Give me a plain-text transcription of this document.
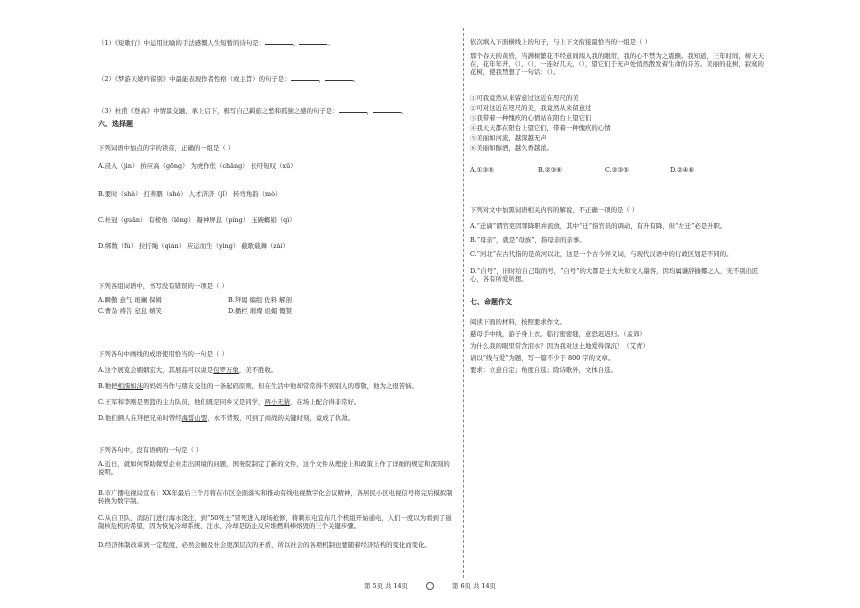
（1）《短歌行》中运用比喻的手法感慨人生短暂的诗句是：	，	。
（2）《梦游天姥吟留别》中最能表现作者性格（或主旨）的句子是：	，	。
（3）杜甫《登高》中情景交融、承上启下，极写自己羁旅之愁和孤独之感的句子是：	，	。
六、选择题
下列词语中加点的字的读音，正确的一组是（ ）
A.浸入（jìn） 拚应高（gōng） 为虎作伥（chāng） 长吁短叹（xū）
B.要时（shà） 打荞胭（shé） 人才济济（jǐ） 转弯角韵（mò）
C.杜冠（guān） 有棱角（lēng） 凝神屏息（píng） 玉碗螂娟（qì）
D.绑数（fù） 拉拧绳（qián） 应运而生（yìng） 截歌载舞（zài）
下列各组词语中，书写没有错误的一项是（ ）
A.瞬傲 意气 斑斓 保姆	B.拜谒 编组 佐料 解剖
C.曹杂 祷告 窒息 嬉笑	D.播栏 璀璨 谄媚 慨赞
下列各句中画线的成语使用恰当的一句是（ ）
A.这个展览会姻姻宏大，其展品可以说是包罗万象，美不胜收。
B.牠把相濡如沫的妈妈当作与朋友交往的一条起码原则，但在生活中他却常常得不到别人的尊敬，他为之很苦恼。
C.王军和李刚是男篮的主力队员，他们既是同乡又是同学，两小无猜，在场上配合得非常好。
D.他们俩人在拜把兄弟时曾经海誓山盟，永不背叛，可到了商战的关键时刻，竟成了仇敌。
下列各句中，没有语病的一句是（ ）
A.近日，就如何帮助微型企业走出困境的问题，国务院制定了新的文件，这个文件从理论上和政策上作了详细的规定和深刻的说明。
B.市广播电视局宣布：XX年最后三个月将在市区全面落实和推动有线电视数字化会议精神，各居民小区电视信号将完后模拟制转换为数字制。
C.从自卫队、消防门进行海水浇注，到“50死士”冒死进入现场抢修，将刺东电宜布几个机组开始通电，人们一度以为看到了遏制核危机的希望，因为恢复冷却系统、注水、冷却是防止反应堆燃料棒熔毁的三个关键步骤。
D.经济体制改革到一定程度，必然会触及社会更深层次的矛盾，所以社会的各项机制也要随着经济结构的变化而变化。
依次填入下面横线上的句子，与上下文衔接最恰当的一组是（ ）
那个春天的黄昏，当满树繁花不经意间闯入我的眼帘，我的心不禁为之震颤。我知道，三年时间，树天天在，花年年开，（），（），一连好几天，（），望它们于无声处悄然散发着生命的芬芳。美丽的花树，寂寞的花树，使我禁想了一句话：（）。
①可我竟然从来留意过这近在咫尺的美
②可对这近在咫尺的美，我竟然从来留意过
③我带着一种愧疚的心情站在阳台上望它们
④我天天都在阳台上望它们，带着一种愧疚的心情
⑤美丽如河流，越深越无声
⑥美丽如醇酒，越久香越浓。
A.①③⑤	B.②③⑥	C.②③⑤	D.②④⑥
下列对文中加黑词语相关内容的解说，不正确一项的是（ ）
A.“迁谪”谓官吏因罪降职并流放，其中“迁”指官员的调动，有升有降，但“左迁”必是升职。
B.“母亲”，就是“母族”，指母亲的亲事。
C.“河北”在古代指的是黄河以北，这是一个古今异义词，与现代汉语中的行政区划是不同的。
D.“自号”，旧时给自己取的号，“自号”的大都是士大夫和文人墨客，因均属谦辞揄揶之人，无不别出匠心，各有所爱所想。
七、命题作文
阅读下面的材料，按照要求作文。
慈母手中线，游子身上衣。临行密密缝，意恐迟迟归。（孟郊）
为什么我的眼里常含泪水？因为我对这土地爱得深沉！（艾青）
请以“线与爱”为题，写一篇不少于 800 字的文章。
要求：立意自定；角度自选；除诗歌外，文体自选。
第 5页 共 14页	第 6页 共 14页
